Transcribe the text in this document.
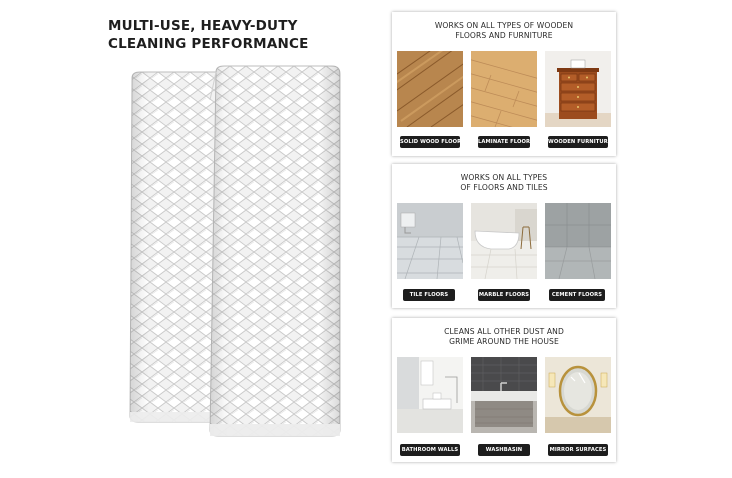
MULTI-USE, HEAVY-DUTY
CLEANING PERFORMANCE
WORKS ON ALL TYPES OF WOODEN
FLOORS AND FURNITURE
SOLID WOOD FLOORS LAMINATE FLOORS	WOODEN FURNITURE
WORKS ON ALL TYPES
OF FLOORS AND TILES
TILE FLOORS	MARBLE FLOORS	CEMENT FLOORS
CLEANS ALL OTHER DUST AND
GRIME AROUND THE HOUSE
BATHROOM WALLS	WASHBASIN	MIRROR SURFACES
